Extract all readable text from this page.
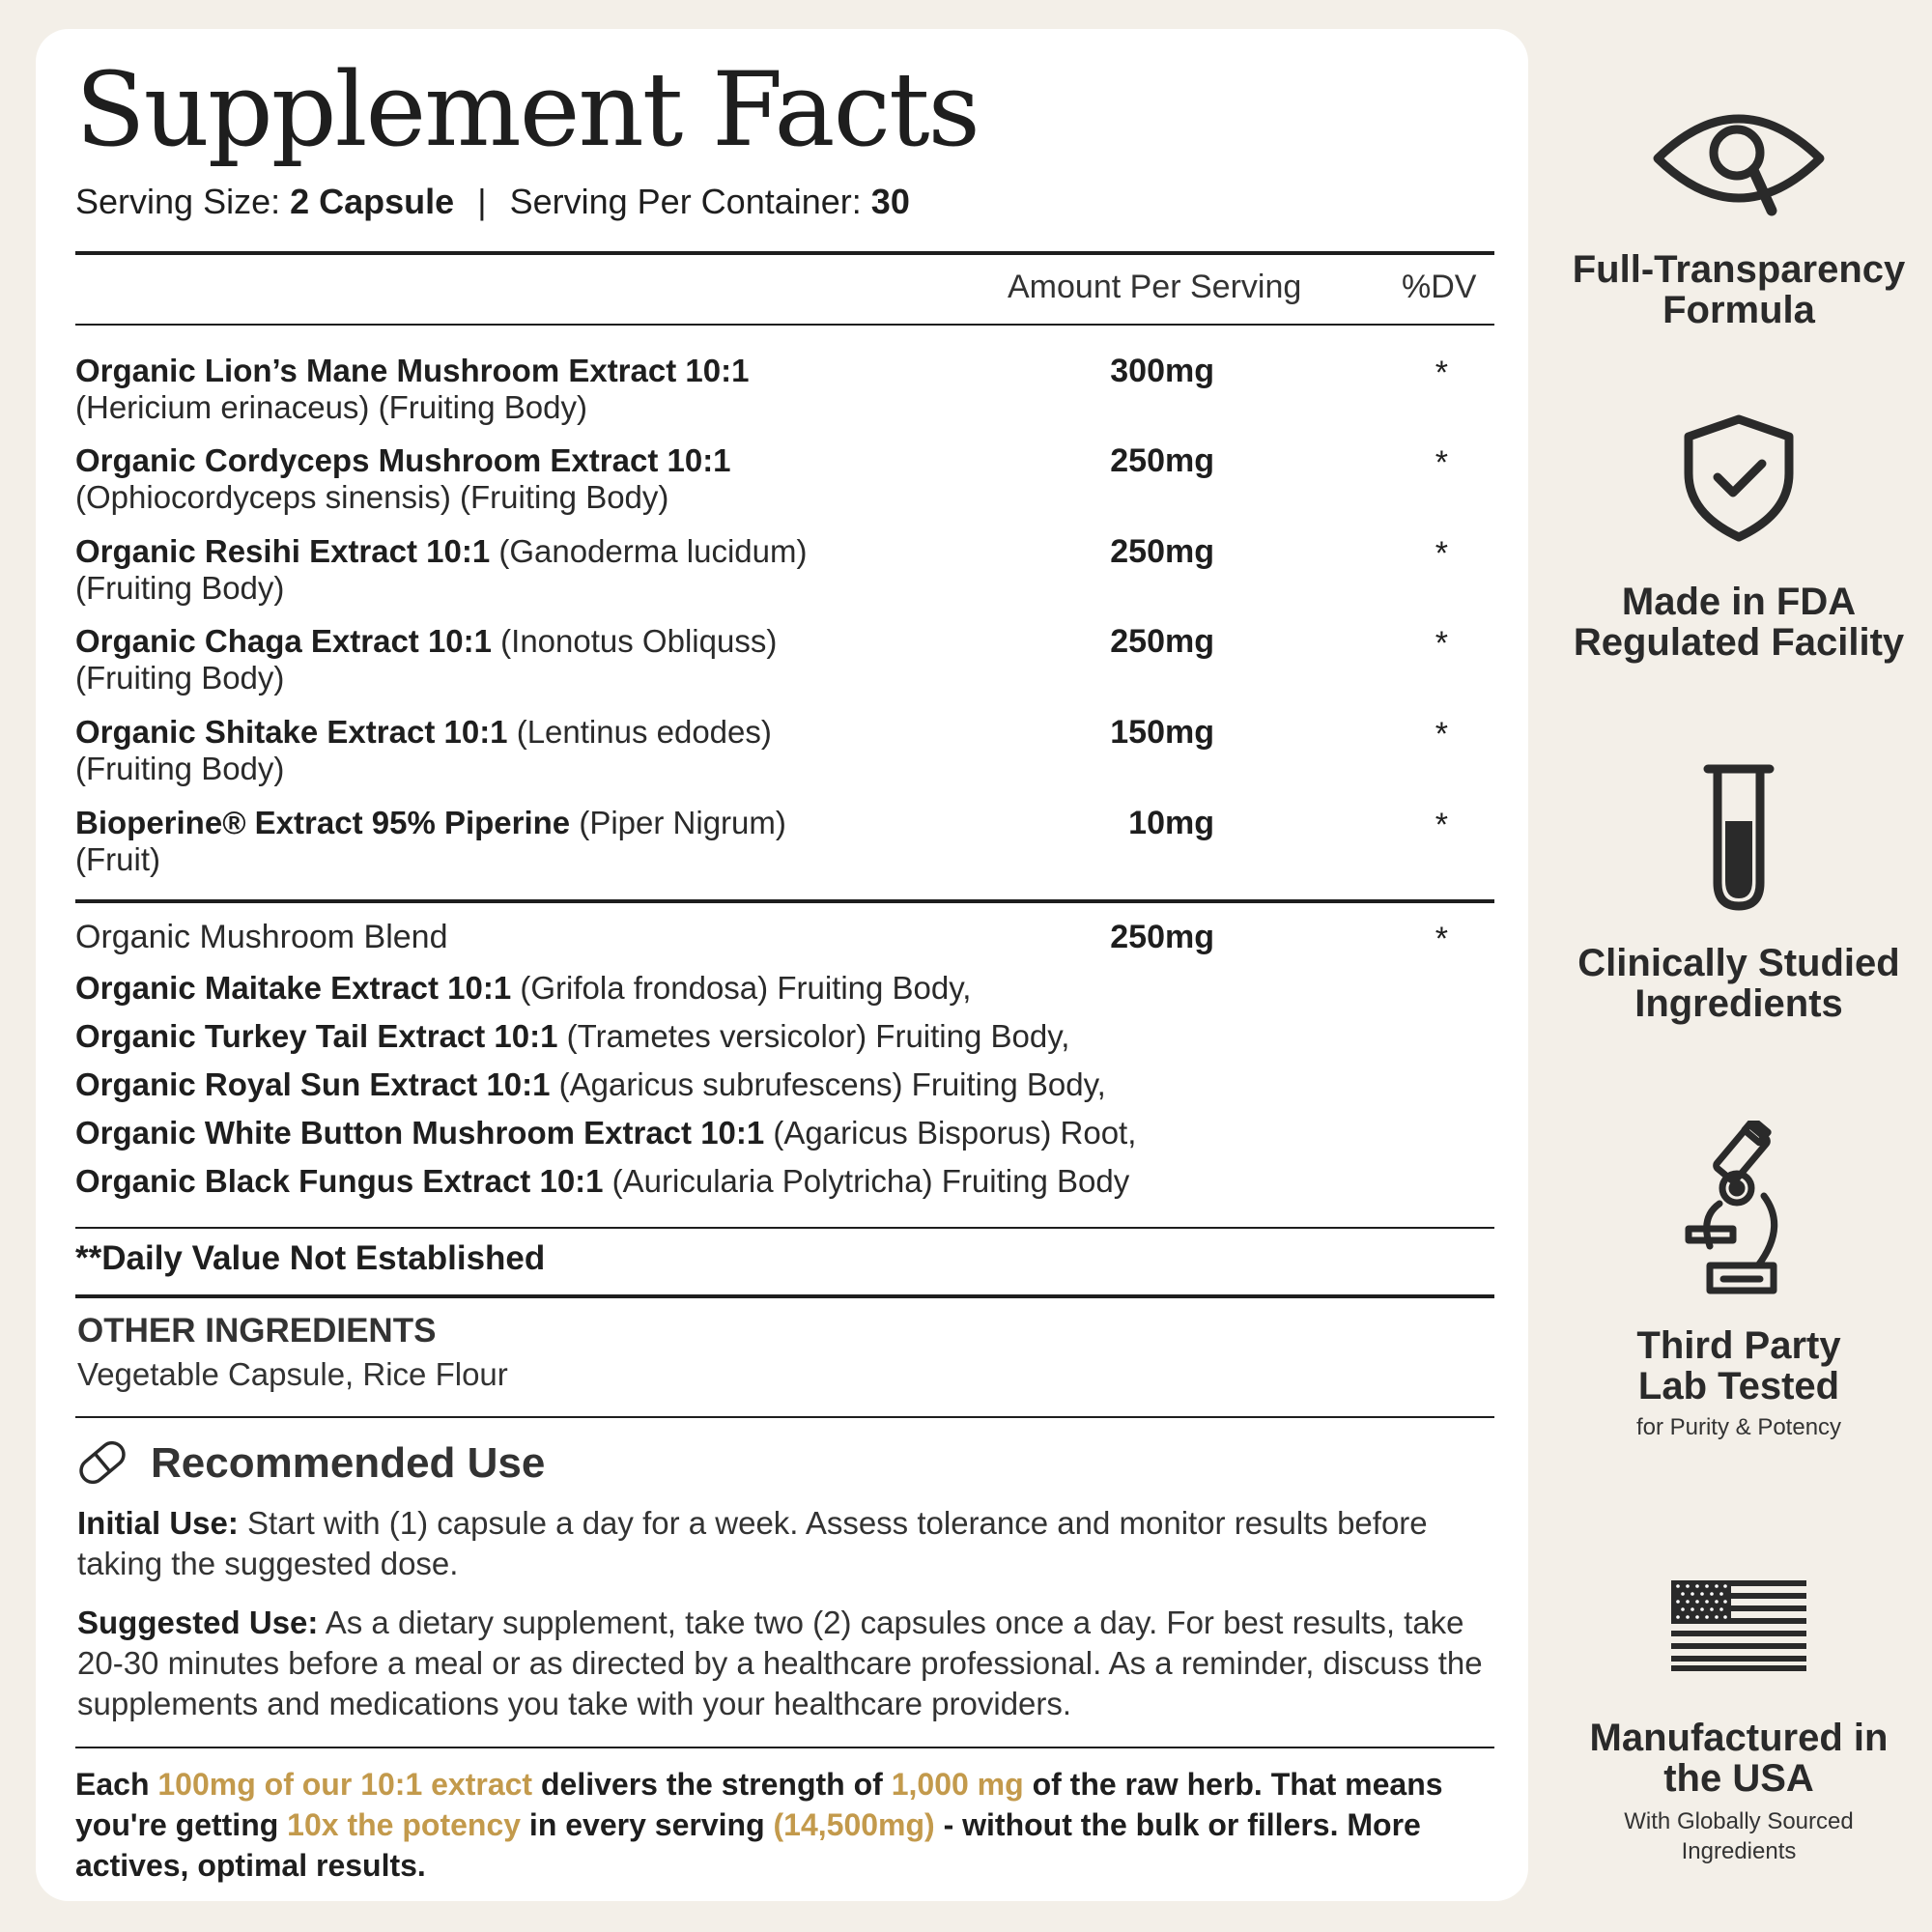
Supplement Facts
Serving Size: 2 Capsule | Serving Per Container: 30
Amount Per Serving	%DV
Organic Lion’s Mane Mushroom Extract 10:1
(Hericium erinaceus) (Fruiting Body)
300mg	*
Organic Cordyceps Mushroom Extract 10:1
(Ophiocordyceps sinensis) (Fruiting Body)
250mg	*
Organic Resihi Extract 10:1 (Ganoderma lucidum) (Fruiting Body)
250mg	*
Organic Chaga Extract 10:1 (Inonotus Obliquss) (Fruiting Body)
250mg	*
Organic Shitake Extract 10:1 (Lentinus edodes) (Fruiting Body)
150mg	*
Bioperine® Extract 95% Piperine (Piper Nigrum) (Fruit)
10mg	*
Organic Mushroom Blend	250mg	*
Organic Maitake Extract 10:1 (Grifola frondosa) Fruiting Body,
Organic Turkey Tail Extract 10:1 (Trametes versicolor) Fruiting Body,
Organic Royal Sun Extract 10:1 (Agaricus subrufescens) Fruiting Body,
Organic White Button Mushroom Extract 10:1 (Agaricus Bisporus) Root,
Organic Black Fungus Extract 10:1 (Auricularia Polytricha) Fruiting Body
**Daily Value Not Established
OTHER INGREDIENTS
Vegetable Capsule, Rice Flour
Recommended Use
Initial Use: Start with (1) capsule a day for a week. Assess tolerance and monitor results before taking the suggested dose.
Suggested Use: As a dietary supplement, take two (2) capsules once a day. For best results, take 20-30 minutes before a meal or as directed by a healthcare professional. As a reminder, discuss the supplements and medications you take with your healthcare providers.
Each 100mg of our 10:1 extract delivers the strength of 1,000 mg of the raw herb. That means you're getting 10x the potency in every serving (14,500mg) - without the bulk or fillers. More actives, optimal results.
Full-Transparency
Formula
Made in FDA
Regulated Facility
Clinically Studied
Ingredients
Third Party
Lab Tested
for Purity & Potency
Manufactured in
the USA
With Globally Sourced
Ingredients
